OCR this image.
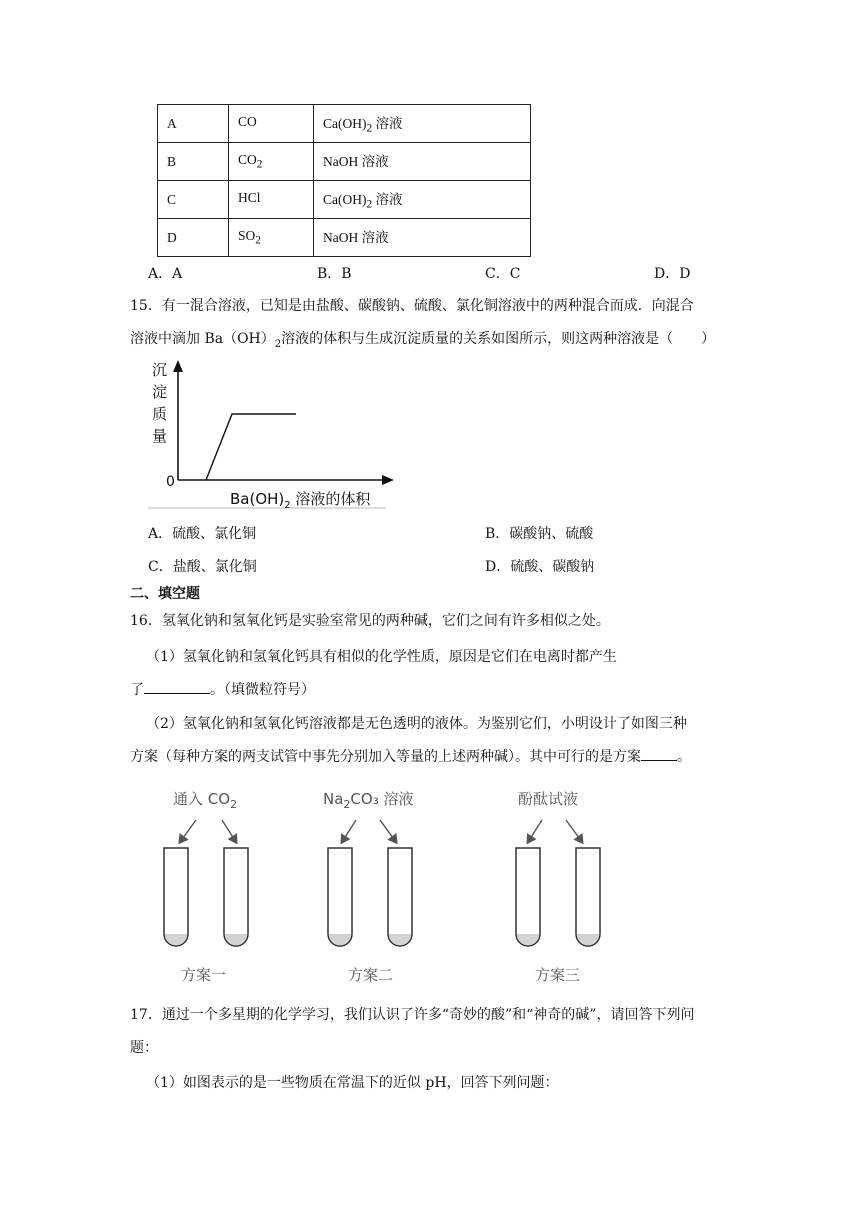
A	CO	$Ca(OH)_2$ 溶液
B	$CO_2$	NaOH 溶液
C	HCl	$Ca(OH)_2$ 溶液
D	$SO_2$	NaOH 溶液
A．A	B．B	C．C	D．D
15．有一混合溶液，已知是由盐酸、碳酸钠、硫酸、氯化铜溶液中的两种混合而成．向混合
溶液中滴加 $Ba(OH)_2$溶液的体积与生成沉淀质量的关系如图所示，则这两种溶液是（　　）
沉
淀
质
量
0
$Ba(OH)_2$ 溶液的体积
A．硫酸、氯化铜	B．碳酸钠、硫酸
C．盐酸、氯化铜	D．硫酸、碳酸钠
二、填空题
16．氢氧化钠和氢氧化钙是实验室常见的两种碱，它们之间有许多相似之处。
（1）氢氧化钠和氢氧化钙具有相似的化学性质，原因是它们在电离时都产生
了	。（填微粒符号）
（2）氢氧化钠和氢氧化钙溶液都是无色透明的液体。为鉴别它们，小明设计了如图三种
方案（每种方案的两支试管中事先分别加入等量的上述两种碱）。其中可行的是方案	。
通入 $CO_2$	$Na_2CO_3$ 溶液	酚酞试液
方案一	方案二	方案三
17．通过一个多星期的化学学习，我们认识了许多“奇妙的酸”和“神奇的碱”，请回答下列问
题：
（1）如图表示的是一些物质在常温下的近似 pH，回答下列问题：
